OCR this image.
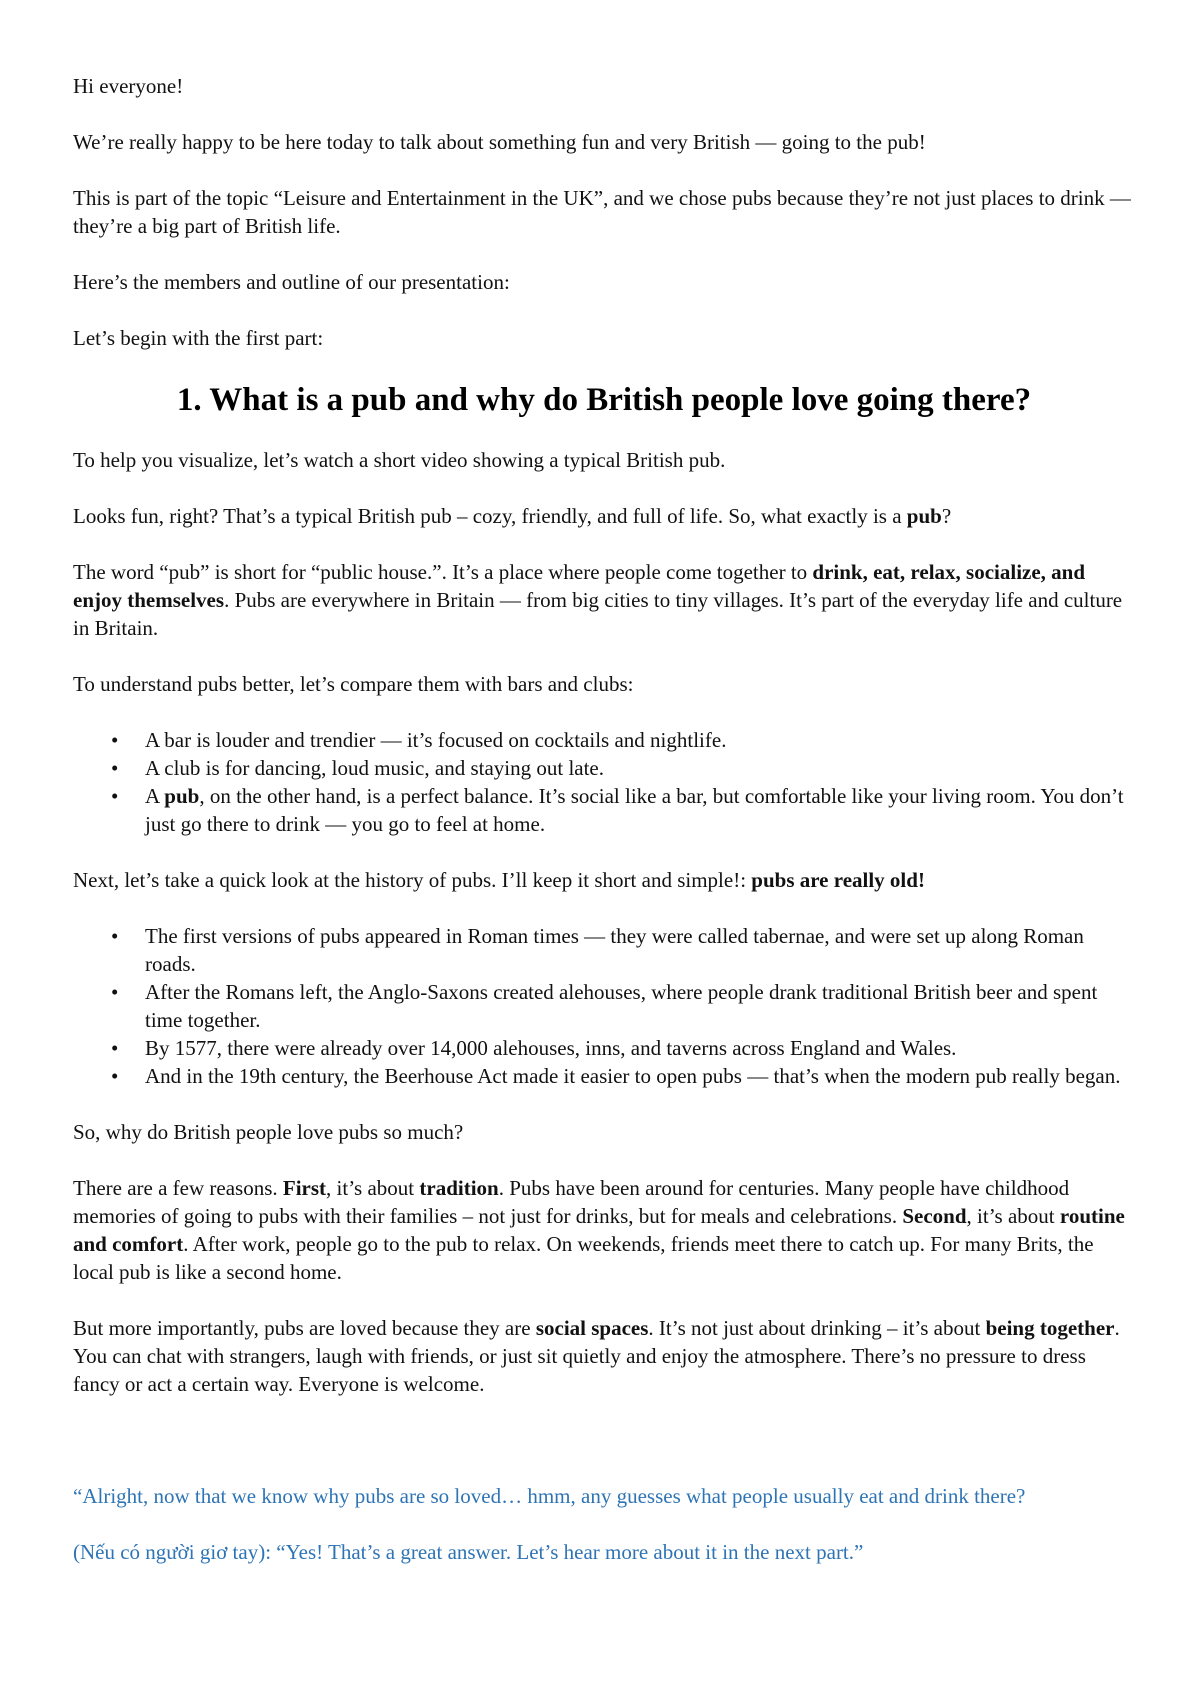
Hi everyone!

We’re really happy to be here today to talk about something fun and very British — going to the pub!

This is part of the topic “Leisure and Entertainment in the UK”, and we chose pubs because they’re not just places to drink — they’re a big part of British life.

Here’s the members and outline of our presentation:

Let’s begin with the first part:

1. What is a pub and why do British people love going there?

To help you visualize, let’s watch a short video showing a typical British pub.

Looks fun, right? That’s a typical British pub – cozy, friendly, and full of life. So, what exactly is a pub?

The word “pub” is short for “public house.”. It’s a place where people come together to drink, eat, relax, socialize, and enjoy themselves. Pubs are everywhere in Britain — from big cities to tiny villages. It’s part of the everyday life and culture in Britain.

To understand pubs better, let’s compare them with bars and clubs:

• A bar is louder and trendier — it’s focused on cocktails and nightlife.
• A club is for dancing, loud music, and staying out late.
• A pub, on the other hand, is a perfect balance. It’s social like a bar, but comfortable like your living room. You don’t just go there to drink — you go to feel at home.

Next, let’s take a quick look at the history of pubs. I’ll keep it short and simple!: pubs are really old!

• The first versions of pubs appeared in Roman times — they were called tabernae, and were set up along Roman roads.
• After the Romans left, the Anglo-Saxons created alehouses, where people drank traditional British beer and spent time together.
• By 1577, there were already over 14,000 alehouses, inns, and taverns across England and Wales.
• And in the 19th century, the Beerhouse Act made it easier to open pubs — that’s when the modern pub really began.

So, why do British people love pubs so much?

There are a few reasons. First, it’s about tradition. Pubs have been around for centuries. Many people have childhood memories of going to pubs with their families – not just for drinks, but for meals and celebrations. Second, it’s about routine and comfort. After work, people go to the pub to relax. On weekends, friends meet there to catch up. For many Brits, the local pub is like a second home.

But more importantly, pubs are loved because they are social spaces. It’s not just about drinking – it’s about being together. You can chat with strangers, laugh with friends, or just sit quietly and enjoy the atmosphere. There’s no pressure to dress fancy or act a certain way. Everyone is welcome.

“Alright, now that we know why pubs are so loved… hmm, any guesses what people usually eat and drink there?

(Nếu có người giơ tay): “Yes! That’s a great answer. Let’s hear more about it in the next part.”
